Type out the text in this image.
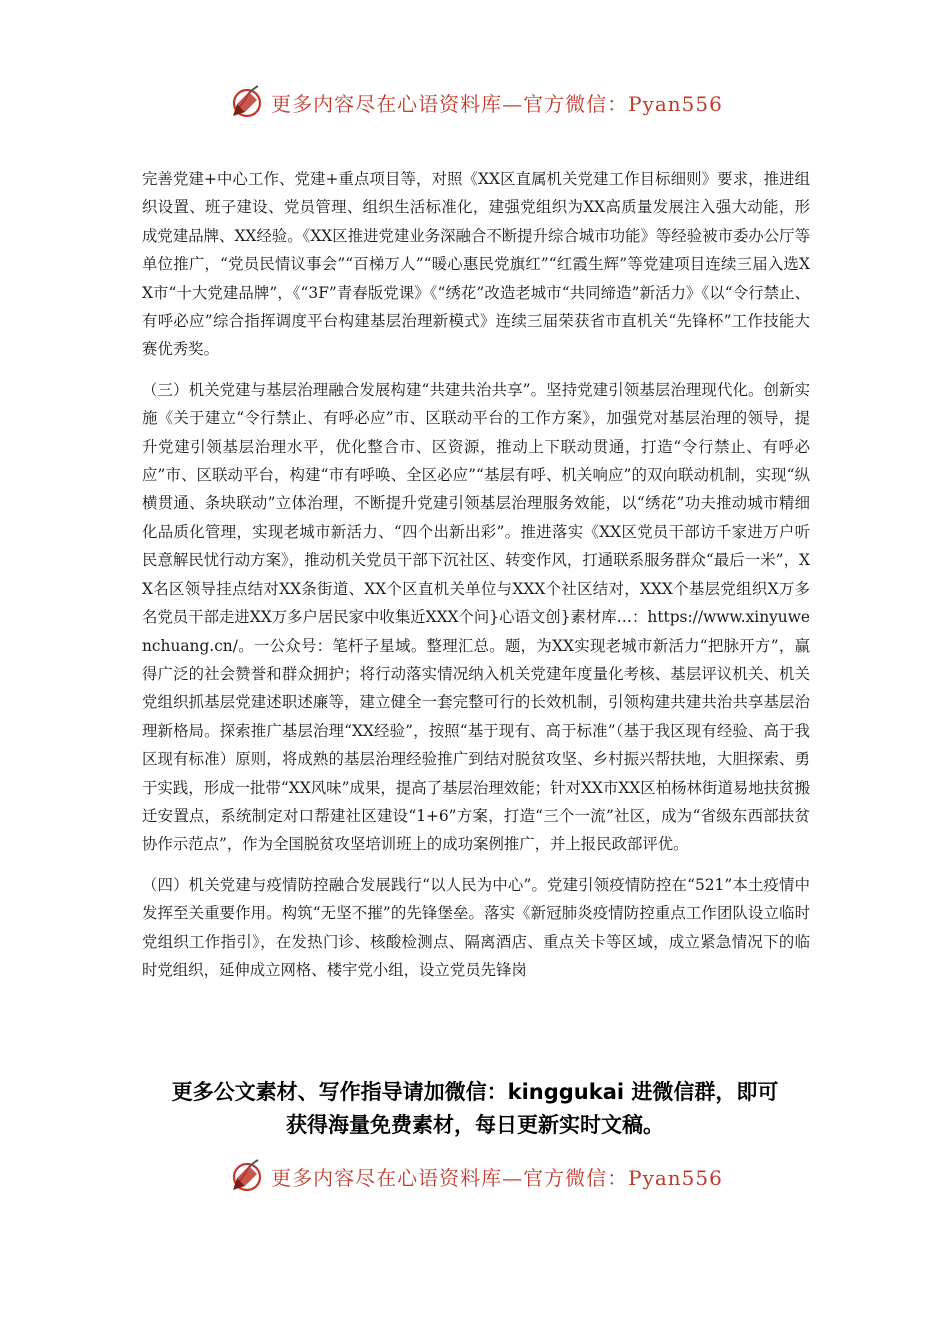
更多内容尽在心语资料库—官方微信：Pyan556

完善党建+中心工作、党建+重点项目等，对照《XX区直属机关党建工作目标细则》要求，推进组织设置、班子建设、党员管理、组织生活标准化，建强党组织为XX高质量发展注入强大动能，形成党建品牌、XX经验。《XX区推进党建业务深融合不断提升综合城市功能》等经验被市委办公厅等单位推广，“党员民情议事会”“百梯万人”“暖心惠民党旗红”“红霞生辉”等党建项目连续三届入选XX市“十大党建品牌”，《“3F”青春版党课》《“绣花”改造老城市“共同缔造”新活力》《以“令行禁止、有呼必应”综合指挥调度平台构建基层治理新模式》连续三届荣获省市直机关“先锋杯”工作技能大赛优秀奖。

（三）机关党建与基层治理融合发展构建“共建共治共享”。坚持党建引领基层治理现代化。创新实施《关于建立“令行禁止、有呼必应”市、区联动平台的工作方案》，加强党对基层治理的领导，提升党建引领基层治理水平，优化整合市、区资源，推动上下联动贯通，打造“令行禁止、有呼必应”市、区联动平台，构建“市有呼唤、全区必应”“基层有呼、机关响应”的双向联动机制，实现“纵横贯通、条块联动”立体治理，不断提升党建引领基层治理服务效能，以“绣花”功夫推动城市精细化品质化管理，实现老城市新活力、“四个出新出彩”。推进落实《XX区党员干部访千家进万户听民意解民忧行动方案》，推动机关党员干部下沉社区、转变作风，打通联系服务群众“最后一米”，XX名区领导挂点结对XX条街道、XX个区直机关单位与XXX个社区结对，XXX个基层党组织X万多名党员干部走进XX万多户居民家中收集近XXX个问}心语文创}素材库…：https://www.xinyuwenchuang.cn/。一公众号：笔杆子星域。整理汇总。题，为XX实现老城市新活力“把脉开方”，赢得广泛的社会赞誉和群众拥护；将行动落实情况纳入机关党建年度量化考核、基层评议机关、机关党组织抓基层党建述职述廉等，建立健全一套完整可行的长效机制，引领构建共建共治共享基层治理新格局。探索推广基层治理“XX经验”，按照“基于现有、高于标准”（基于我区现有经验、高于我区现有标准）原则，将成熟的基层治理经验推广到结对脱贫攻坚、乡村振兴帮扶地，大胆探索、勇于实践，形成一批带“XX风味”成果，提高了基层治理效能；针对XX市XX区柏杨林街道易地扶贫搬迁安置点，系统制定对口帮建社区建设“1+6”方案，打造“三个一流”社区，成为“省级东西部扶贫协作示范点”，作为全国脱贫攻坚培训班上的成功案例推广，并上报民政部评优。

（四）机关党建与疫情防控融合发展践行“以人民为中心”。党建引领疫情防控在“521”本土疫情中发挥至关重要作用。构筑“无坚不摧”的先锋堡垒。落实《新冠肺炎疫情防控重点工作团队设立临时党组织工作指引》，在发热门诊、核酸检测点、隔离酒店、重点关卡等区域，成立紧急情况下的临时党组织，延伸成立网格、楼宇党小组，设立党员先锋岗

更多公文素材、写作指导请加微信：kinggukai 进微信群，即可
获得海量免费素材，每日更新实时文稿。
更多内容尽在心语资料库—官方微信：Pyan556
